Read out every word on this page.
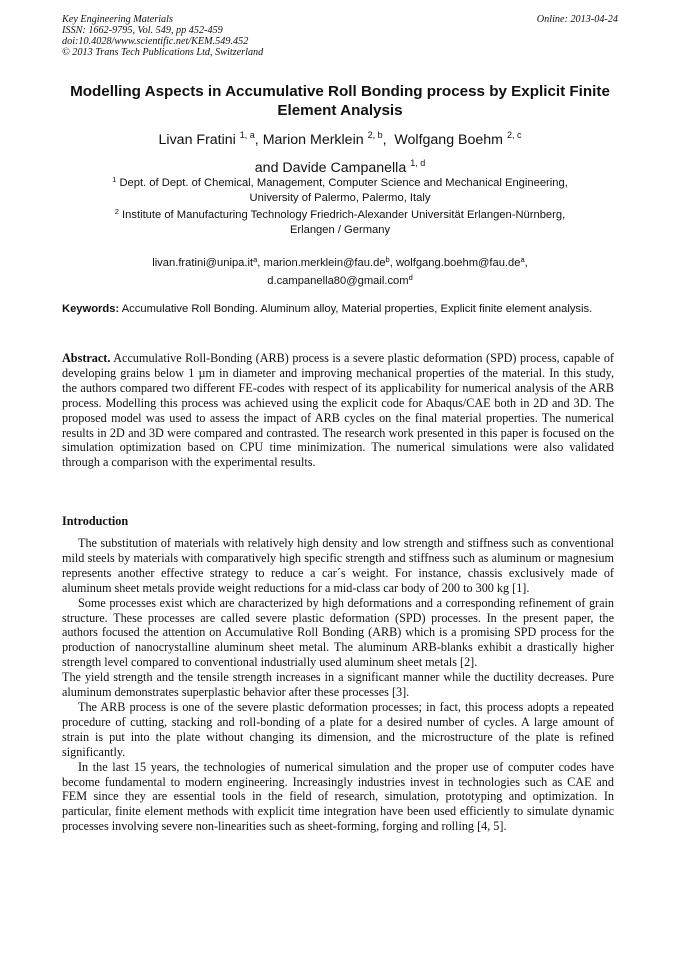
Key Engineering Materials
ISSN: 1662-9795, Vol. 549, pp 452-459
doi:10.4028/www.scientific.net/KEM.549.452
© 2013 Trans Tech Publications Ltd, Switzerland
Online: 2013-04-24
Modelling Aspects in Accumulative Roll Bonding process by Explicit Finite Element Analysis
Livan Fratini $^{1, a}$, Marion Merklein $^{2, b}$,  Wolfgang Boehm $^{2, c}$
and Davide Campanella $^{1, d}$
$^1$ Dept. of Dept. of Chemical, Management, Computer Science and Mechanical Engineering,
University of Palermo, Palermo, Italy
$^2$ Institute of Manufacturing Technology Friedrich-Alexander Universität Erlangen-Nürnberg,
Erlangen / Germany
$livan.fratini@unipa.it^a$, $marion.merklein@fau.de^b$, $wolfgang.boehm@fau.de^a$,
d.campanella80@gmail.com$^d$
Keywords: Accumulative Roll Bonding. Aluminum alloy, Material properties, Explicit finite element analysis.
Abstract. Accumulative Roll-Bonding (ARB) process is a severe plastic deformation (SPD) process, capable of developing grains below 1 µm in diameter and improving mechanical properties of the material. In this study, the authors compared two different FE-codes with respect of its applicability for numerical analysis of the ARB process. Modelling this process was achieved using the explicit code for Abaqus/CAE both in 2D and 3D. The proposed model was used to assess the impact of ARB cycles on the final material properties. The numerical results in 2D and 3D were compared and contrasted. The research work presented in this paper is focused on the simulation optimization based on CPU time minimization. The numerical simulations were also validated through a comparison with the experimental results.
Introduction

The substitution of materials with relatively high density and low strength and stiffness such as conventional mild steels by materials with comparatively high specific strength and stiffness such as aluminum or magnesium represents another effective strategy to reduce a car´s weight. For instance, chassis exclusively made of aluminum sheet metals provide weight reductions for a mid-class car body of 200 to 300 kg [1].

Some processes exist which are characterized by high deformations and a corresponding refinement of grain structure. These processes are called severe plastic deformation (SPD) processes. In the present paper, the authors focused the attention on Accumulative Roll Bonding (ARB) which is a promising SPD process for the production of nanocrystalline aluminum sheet metal. The aluminum ARB-blanks exhibit a drastically higher strength level compared to conventional industrially used aluminum sheet metals [2].

The yield strength and the tensile strength increases in a significant manner while the ductility decreases. Pure aluminum demonstrates superplastic behavior after these processes [3].

The ARB process is one of the severe plastic deformation processes; in fact, this process adopts a repeated procedure of cutting, stacking and roll-bonding of a plate for a desired number of cycles. A large amount of strain is put into the plate without changing its dimension, and the microstructure of the plate is refined significantly.

In the last 15 years, the technologies of numerical simulation and the proper use of computer codes have become fundamental to modern engineering. Increasingly industries invest in technologies such as CAE and FEM since they are essential tools in the field of research, simulation, prototyping and optimization. In particular, finite element methods with explicit time integration have been used efficiently to simulate dynamic processes involving severe non-linearities such as sheet-forming, forging and rolling [4, 5].
